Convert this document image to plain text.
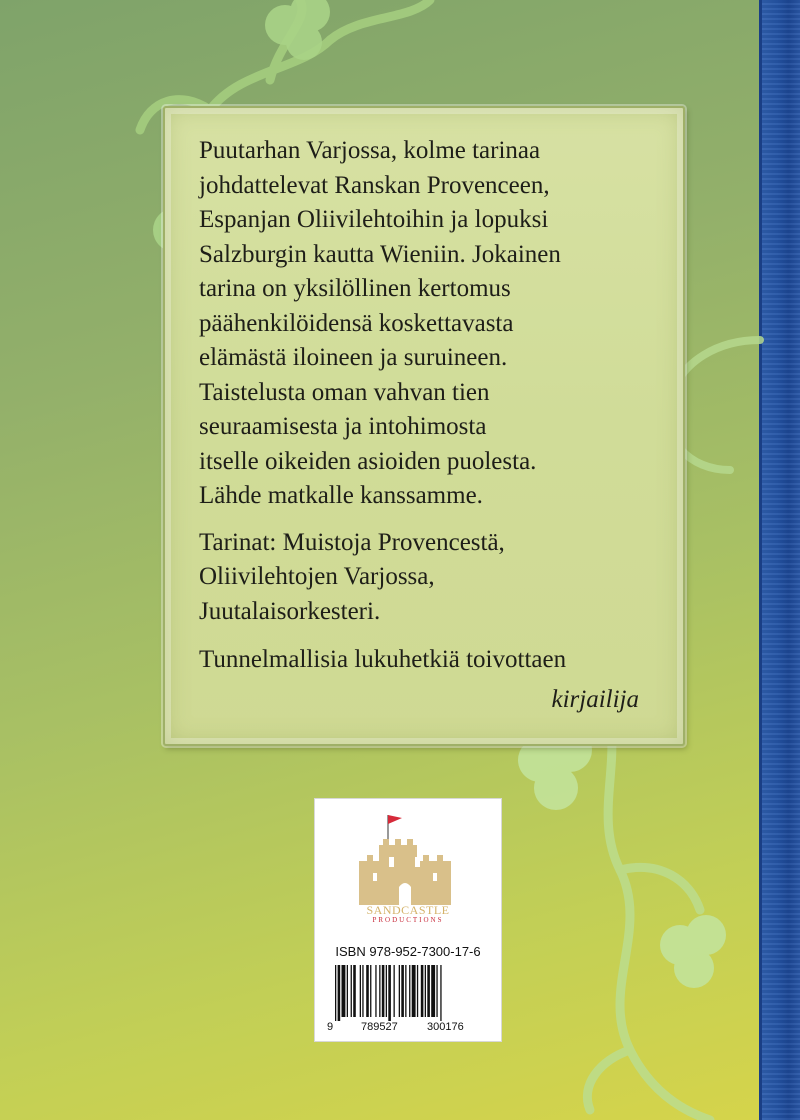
Puutarhan Varjossa, kolme tarinaa
johdattelevat Ranskan Provenceen,
Espanjan Oliivilehtoihin ja lopuksi
Salzburgin kautta Wieniin. Jokainen
tarina on yksilöllinen kertomus
päähenkilöidensä koskettavasta
elämästä iloineen ja suruineen.
Taistelusta oman vahvan tien
seuraamisesta ja intohimosta
itselle oikeiden asioiden puolesta.
Lähde matkalle kanssamme.

Tarinat: Muistoja Provencestä,
Oliivilehtojen Varjossa,
Juutalaisorkesteri.

Tunnelmallisia lukuhetkiä toivottaen

kirjailija

SANDCASTLE
PRODUCTIONS
ISBN 978-952-7300-17-6
9	789527	300176
